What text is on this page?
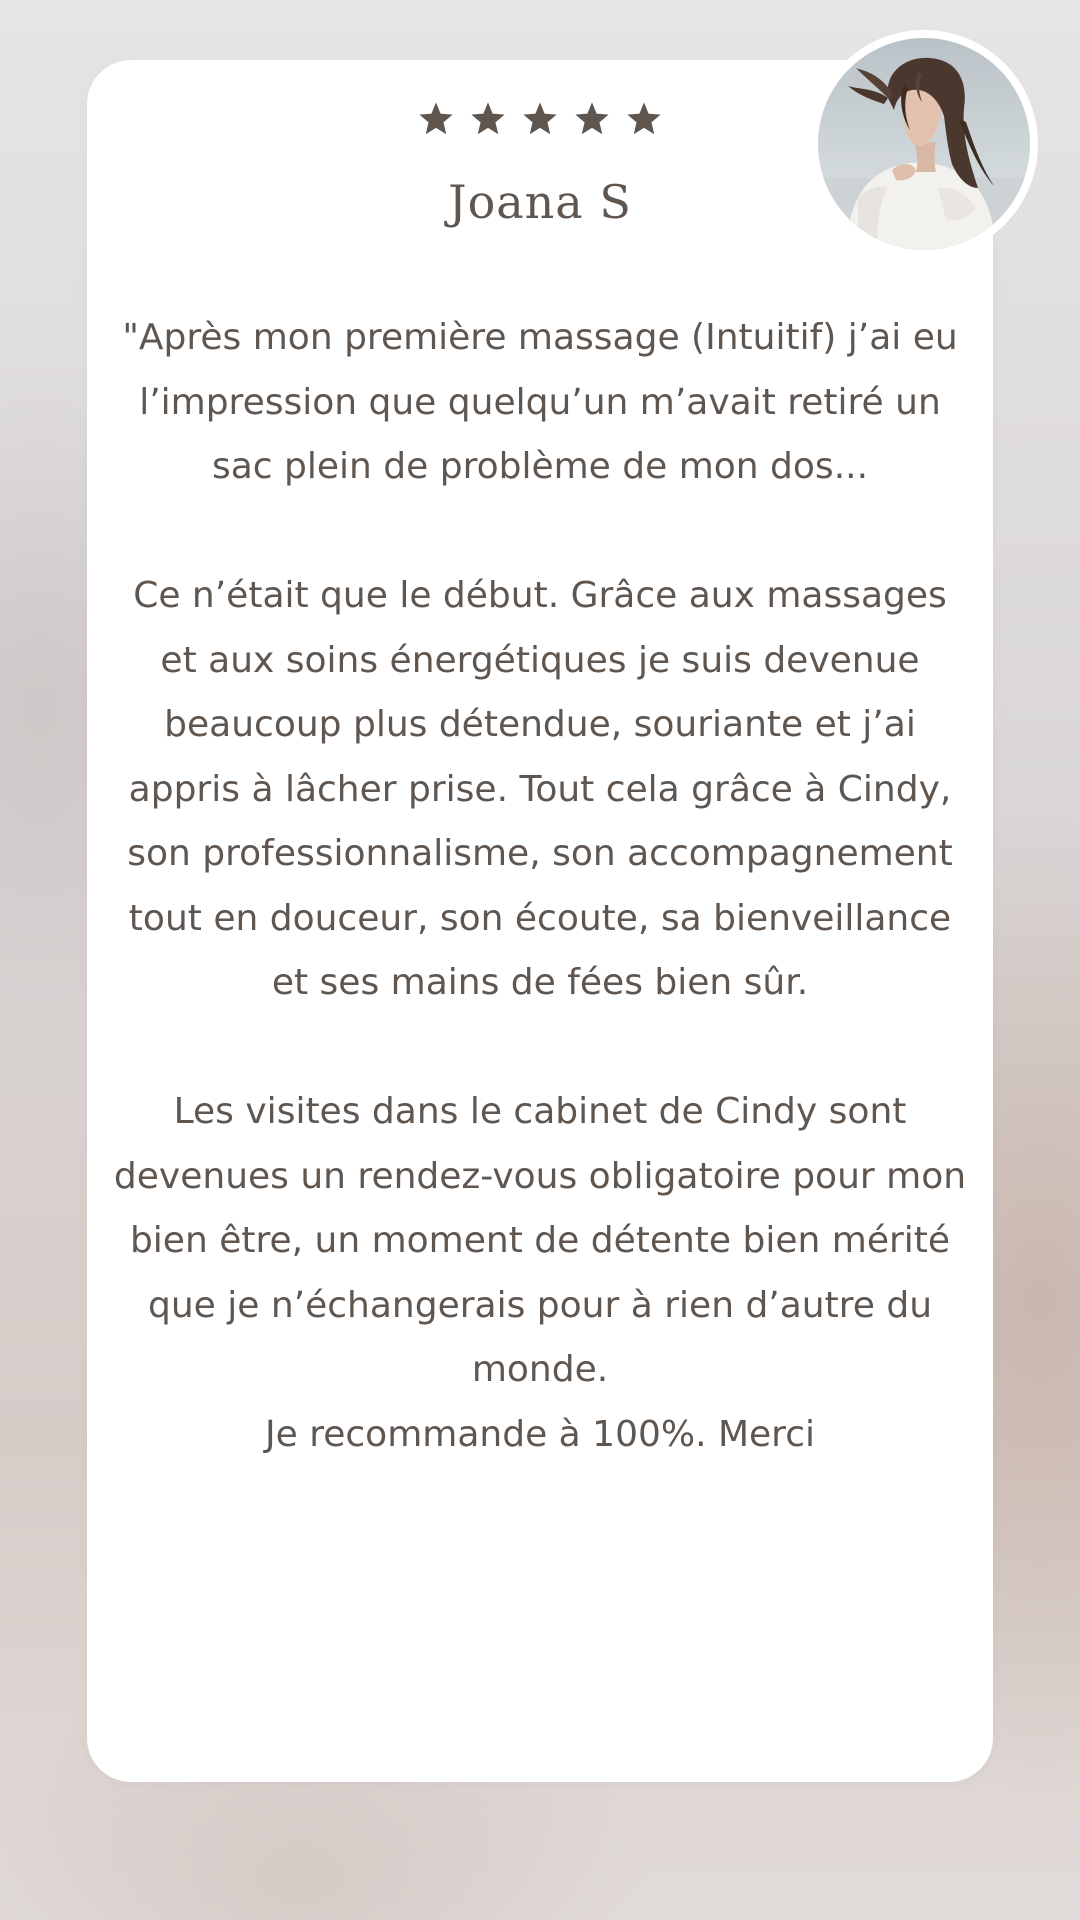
Joana S

"Après mon première massage (Intuitif) j’ai eu l’impression que quelqu’un m’avait retiré un sac plein de problème de mon dos...

Ce n’était que le début. Grâce aux massages et aux soins énergétiques je suis devenue beaucoup plus détendue, souriante et j’ai appris à lâcher prise. Tout cela grâce à Cindy, son professionnalisme, son accompagnement tout en douceur, son écoute, sa bienveillance et ses mains de fées bien sûr.

Les visites dans le cabinet de Cindy sont devenues un rendez-vous obligatoire pour mon bien être, un moment de détente bien mérité que je n’échangerais pour à rien d’autre du monde.

Je recommande à 100%. Merci
